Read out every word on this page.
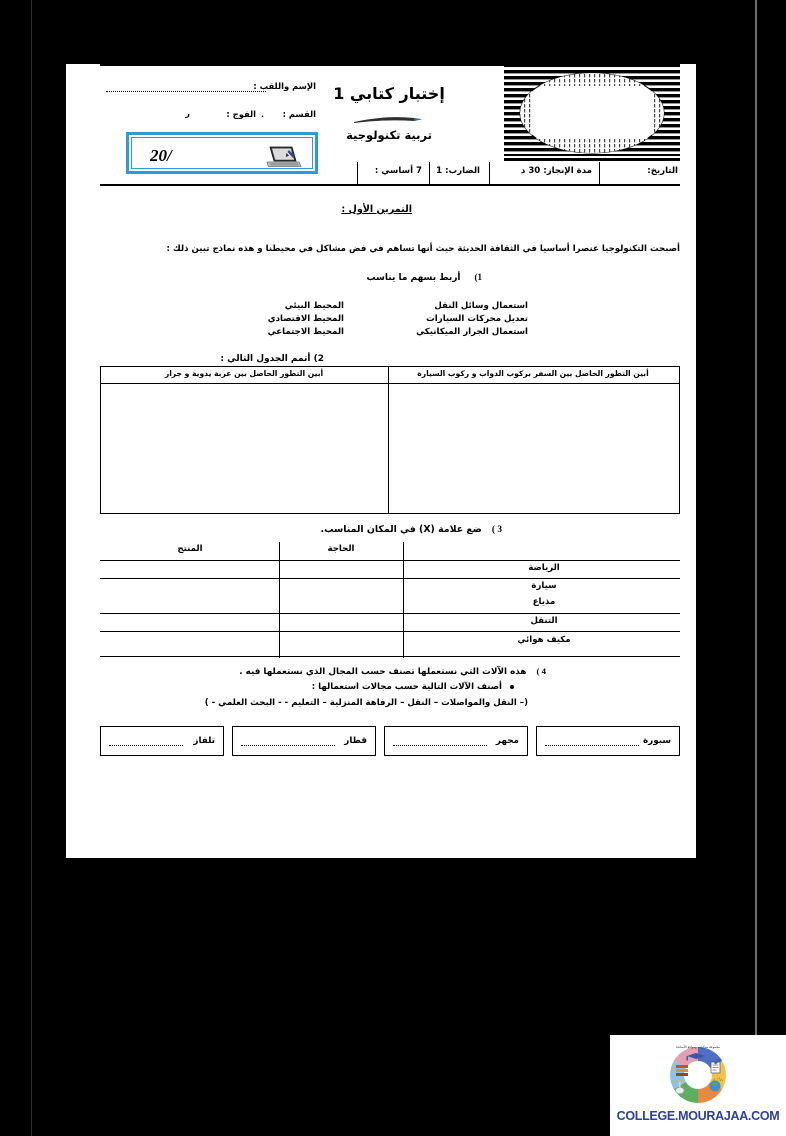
الإسم واللقب :
القسم :
الفوج : ·
ر
/20
إختبار كتابي 1
تربية تكنولوجية
التاريخ:
مدة الإنجاز: 30 د
الضارب: 1
7 أساسي :
التمرين الأول :
أصبحت التكنولوجيا عنصرا أساسيا في الثقافة الحديثة حيث أنها تساهم في فض مشاكل في محيطنا و هذه نماذج تبين ذلك :
1)أربط بسهم ما يناسب
استعمال وسائل النقل
تعديل محركات السيارات
استعمال الجرار الميكانيكي
المحيط البيئي
المحيط الاقتصادي
المحيط الاجتماعي
2) أتمم الجدول التالي :
أبين التطور الحاصل بين السفر بركوب الدواب و ركوب السيارة
أبين التطور الحاصل بين عربة يدوية و جرار
3 )ضع علامة (X) في المكان المناسب.
المنتج	الحاجة
الرياضة
سيارة
مذياع
التنقل
مكيف هوائي
4 )هذه الآلات التي نستعملها تصنف حسب المجال الذي نستعملها فيه .
أصنف الآلات التالية حسب مجالات استعمالها :
(– النقل والمواصلات – النقل – الرفاهة المنزلية – التعليم - - البحث العلمي - )
سبورة
مجهر
قطار
تلفاز
مجموعة مذكرات ومواقع الأساتذة
COLLEGE.MOURAJAA.COM
